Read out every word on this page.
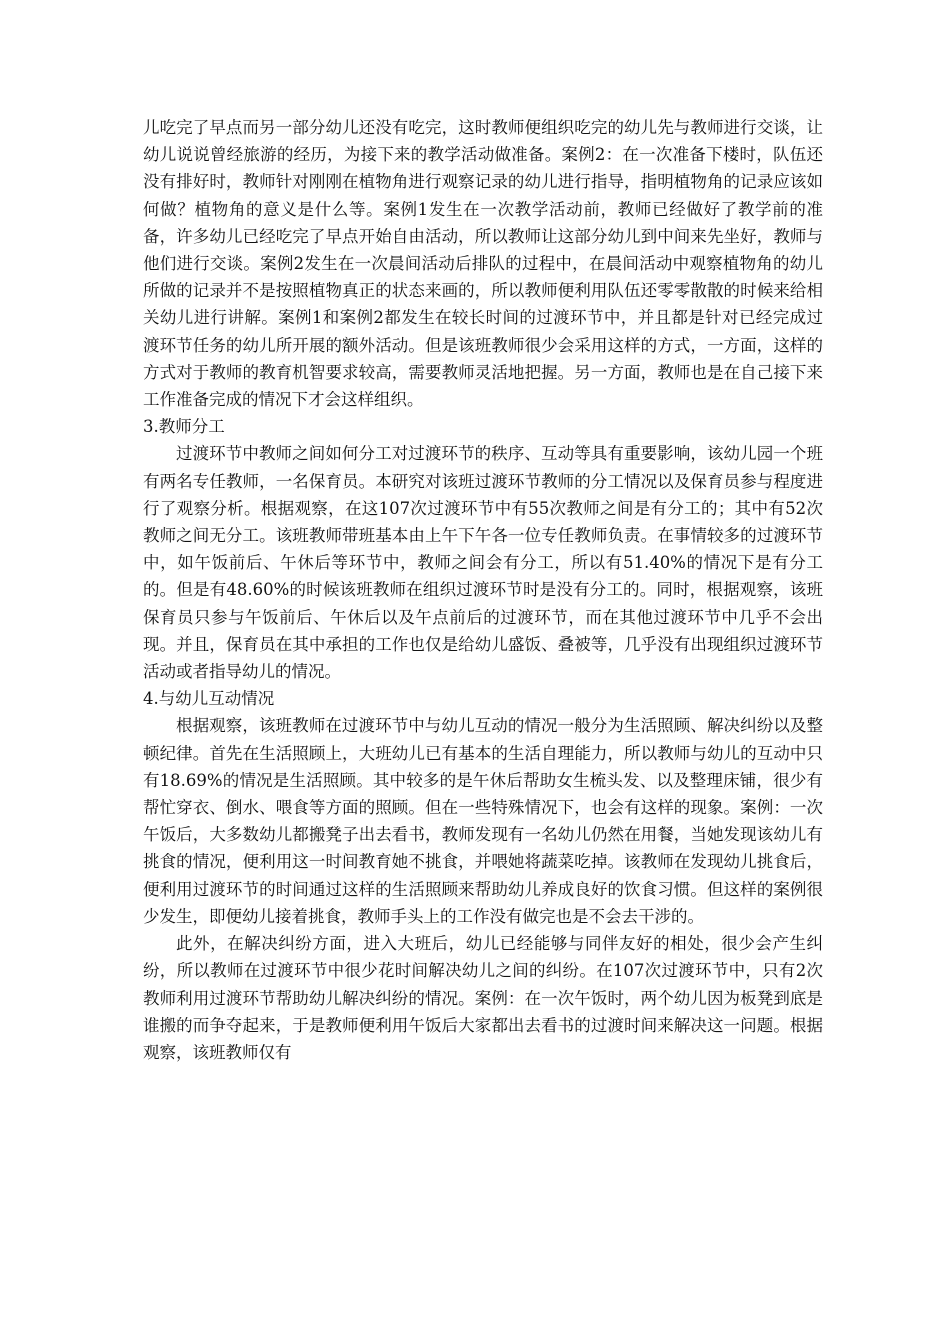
儿吃完了早点而另一部分幼儿还没有吃完，这时教师便组织吃完的幼儿先与教师进行交谈，让幼儿说说曾经旅游的经历，为接下来的教学活动做准备。案例2：在一次准备下楼时，队伍还没有排好时，教师针对刚刚在植物角进行观察记录的幼儿进行指导，指明植物角的记录应该如何做？植物角的意义是什么等。案例1发生在一次教学活动前，教师已经做好了教学前的准备，许多幼儿已经吃完了早点开始自由活动，所以教师让这部分幼儿到中间来先坐好，教师与他们进行交谈。案例2发生在一次晨间活动后排队的过程中，在晨间活动中观察植物角的幼儿所做的记录并不是按照植物真正的状态来画的，所以教师便利用队伍还零零散散的时候来给相关幼儿进行讲解。案例1和案例2都发生在较长时间的过渡环节中，并且都是针对已经完成过渡环节任务的幼儿所开展的额外活动。但是该班教师很少会采用这样的方式，一方面，这样的方式对于教师的教育机智要求较高，需要教师灵活地把握。另一方面，教师也是在自己接下来工作准备完成的情况下才会这样组织。

3.教师分工

过渡环节中教师之间如何分工对过渡环节的秩序、互动等具有重要影响，该幼儿园一个班有两名专任教师，一名保育员。本研究对该班过渡环节教师的分工情况以及保育员参与程度进行了观察分析。根据观察，在这107次过渡环节中有55次教师之间是有分工的；其中有52次教师之间无分工。该班教师带班基本由上午下午各一位专任教师负责。在事情较多的过渡环节中，如午饭前后、午休后等环节中，教师之间会有分工，所以有51.40%的情况下是有分工的。但是有48.60%的时候该班教师在组织过渡环节时是没有分工的。同时，根据观察，该班保育员只参与午饭前后、午休后以及午点前后的过渡环节，而在其他过渡环节中几乎不会出现。并且，保育员在其中承担的工作也仅是给幼儿盛饭、叠被等，几乎没有出现组织过渡环节活动或者指导幼儿的情况。

4.与幼儿互动情况

根据观察，该班教师在过渡环节中与幼儿互动的情况一般分为生活照顾、解决纠纷以及整顿纪律。首先在生活照顾上，大班幼儿已有基本的生活自理能力，所以教师与幼儿的互动中只有18.69%的情况是生活照顾。其中较多的是午休后帮助女生梳头发、以及整理床铺，很少有帮忙穿衣、倒水、喂食等方面的照顾。但在一些特殊情况下，也会有这样的现象。案例：一次午饭后，大多数幼儿都搬凳子出去看书，教师发现有一名幼儿仍然在用餐，当她发现该幼儿有挑食的情况，便利用这一时间教育她不挑食，并喂她将蔬菜吃掉。该教师在发现幼儿挑食后，便利用过渡环节的时间通过这样的生活照顾来帮助幼儿养成良好的饮食习惯。但这样的案例很少发生，即便幼儿接着挑食，教师手头上的工作没有做完也是不会去干涉的。

此外，在解决纠纷方面，进入大班后，幼儿已经能够与同伴友好的相处，很少会产生纠纷，所以教师在过渡环节中很少花时间解决幼儿之间的纠纷。在107次过渡环节中，只有2次教师利用过渡环节帮助幼儿解决纠纷的情况。案例：在一次午饭时，两个幼儿因为板凳到底是谁搬的而争夺起来，于是教师便利用午饭后大家都出去看书的过渡时间来解决这一问题。根据观察，该班教师仅有
